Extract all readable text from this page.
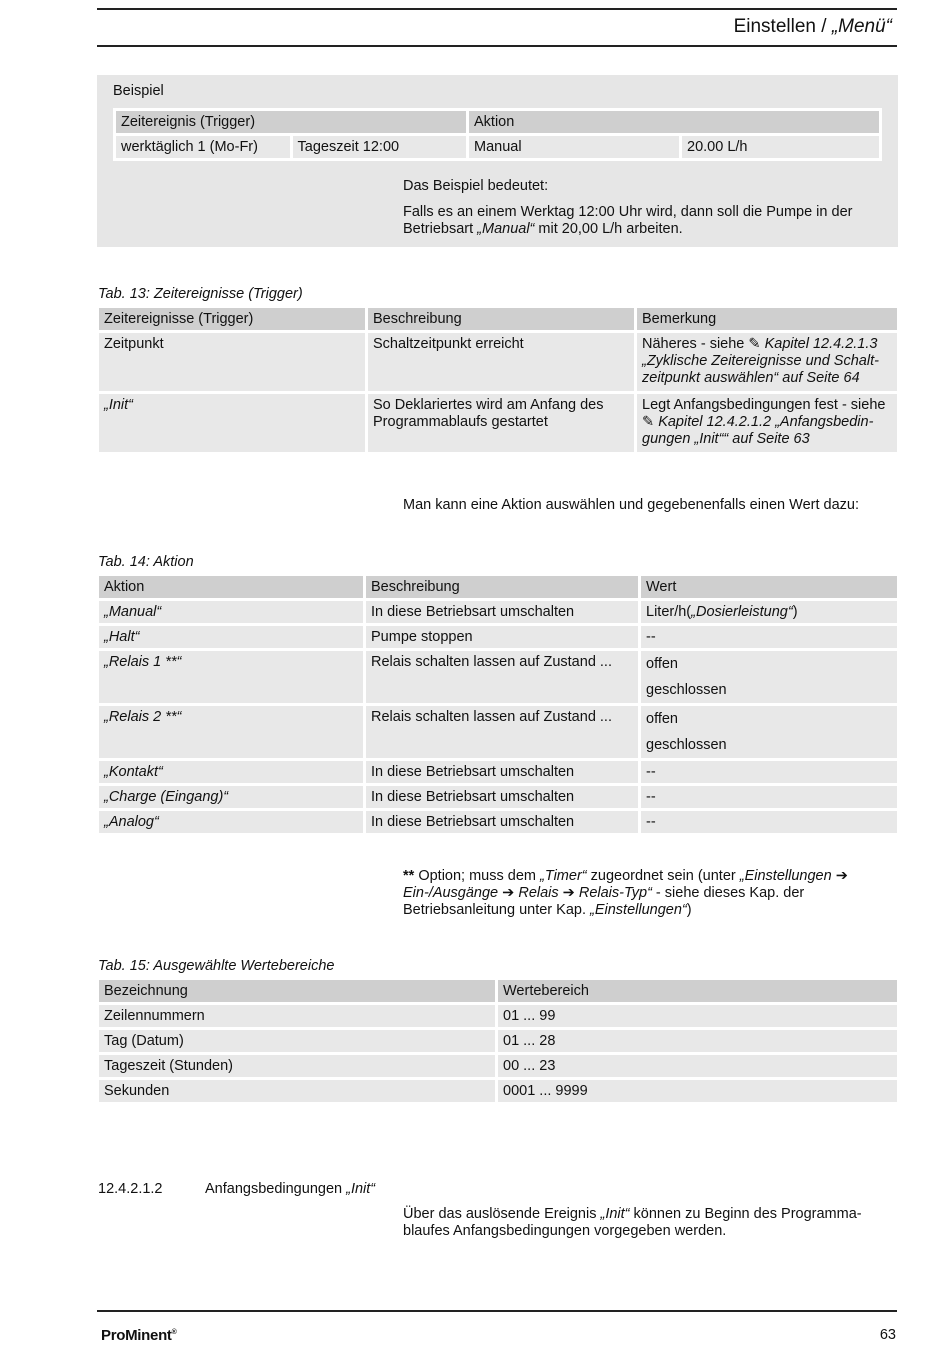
Einstellen / „Menü“
Beispiel
Zeitereignis (Trigger)		Aktion	
werktäglich 1 (Mo-Fr)	Tageszeit 12:00	Manual	20.00 L/h
Das Beispiel bedeutet:
Falls es an einem Werktag 12:00 Uhr wird, dann soll die Pumpe in der Betriebsart „Manual“ mit 20,00 L/h arbeiten.
Tab. 13: Zeitereignisse (Trigger)
Zeitereignisse (Trigger)	Beschreibung	Bemerkung
Zeitpunkt	Schaltzeitpunkt erreicht	Näheres - siehe ✎ Kapitel 12.4.2.1.3 „Zyklische Zeitereignisse und Schaltzeitpunkt auswählen“ auf Seite 64
„Init“	So Deklariertes wird am Anfang des Programmablaufs gestartet	Legt Anfangsbedingungen fest - siehe ✎ Kapitel 12.4.2.1.2 „Anfangsbedingungen „Init““ auf Seite 63
Man kann eine Aktion auswählen und gegebenenfalls einen Wert dazu:
Tab. 14: Aktion
Aktion	Beschreibung	Wert
„Manual“	In diese Betriebsart umschalten	Liter/h(„Dosierleistung“)
„Halt“	Pumpe stoppen	--
„Relais 1 **“	Relais schalten lassen auf Zustand ...	offen
geschlossen

„Relais 2 **“	Relais schalten lassen auf Zustand ...	offen
geschlossen

„Kontakt“	In diese Betriebsart umschalten	--
„Charge (Eingang)“	In diese Betriebsart umschalten	--
„Analog“	In diese Betriebsart umschalten	--
** Option; muss dem „Timer“ zugeordnet sein (unter „Einstellungen ➔ Ein-/Ausgänge ➔ Relais ➔ Relais-Typ“ - siehe dieses Kap. der Betriebsanleitung unter Kap. „Einstellungen“)
Tab. 15: Ausgewählte Wertebereiche
Bezeichnung	Wertebereich
Zeilennummern	01 ... 99
Tag (Datum)	01 ... 28
Tageszeit (Stunden)	00 ... 23
Sekunden	0001 ... 9999
12.4.2.1.2	Anfangsbedingungen „Init“
Über das auslösende Ereignis „Init“ können zu Beginn des Programmablaufes Anfangsbedingungen vorgegeben werden.
ProMinent®	63
